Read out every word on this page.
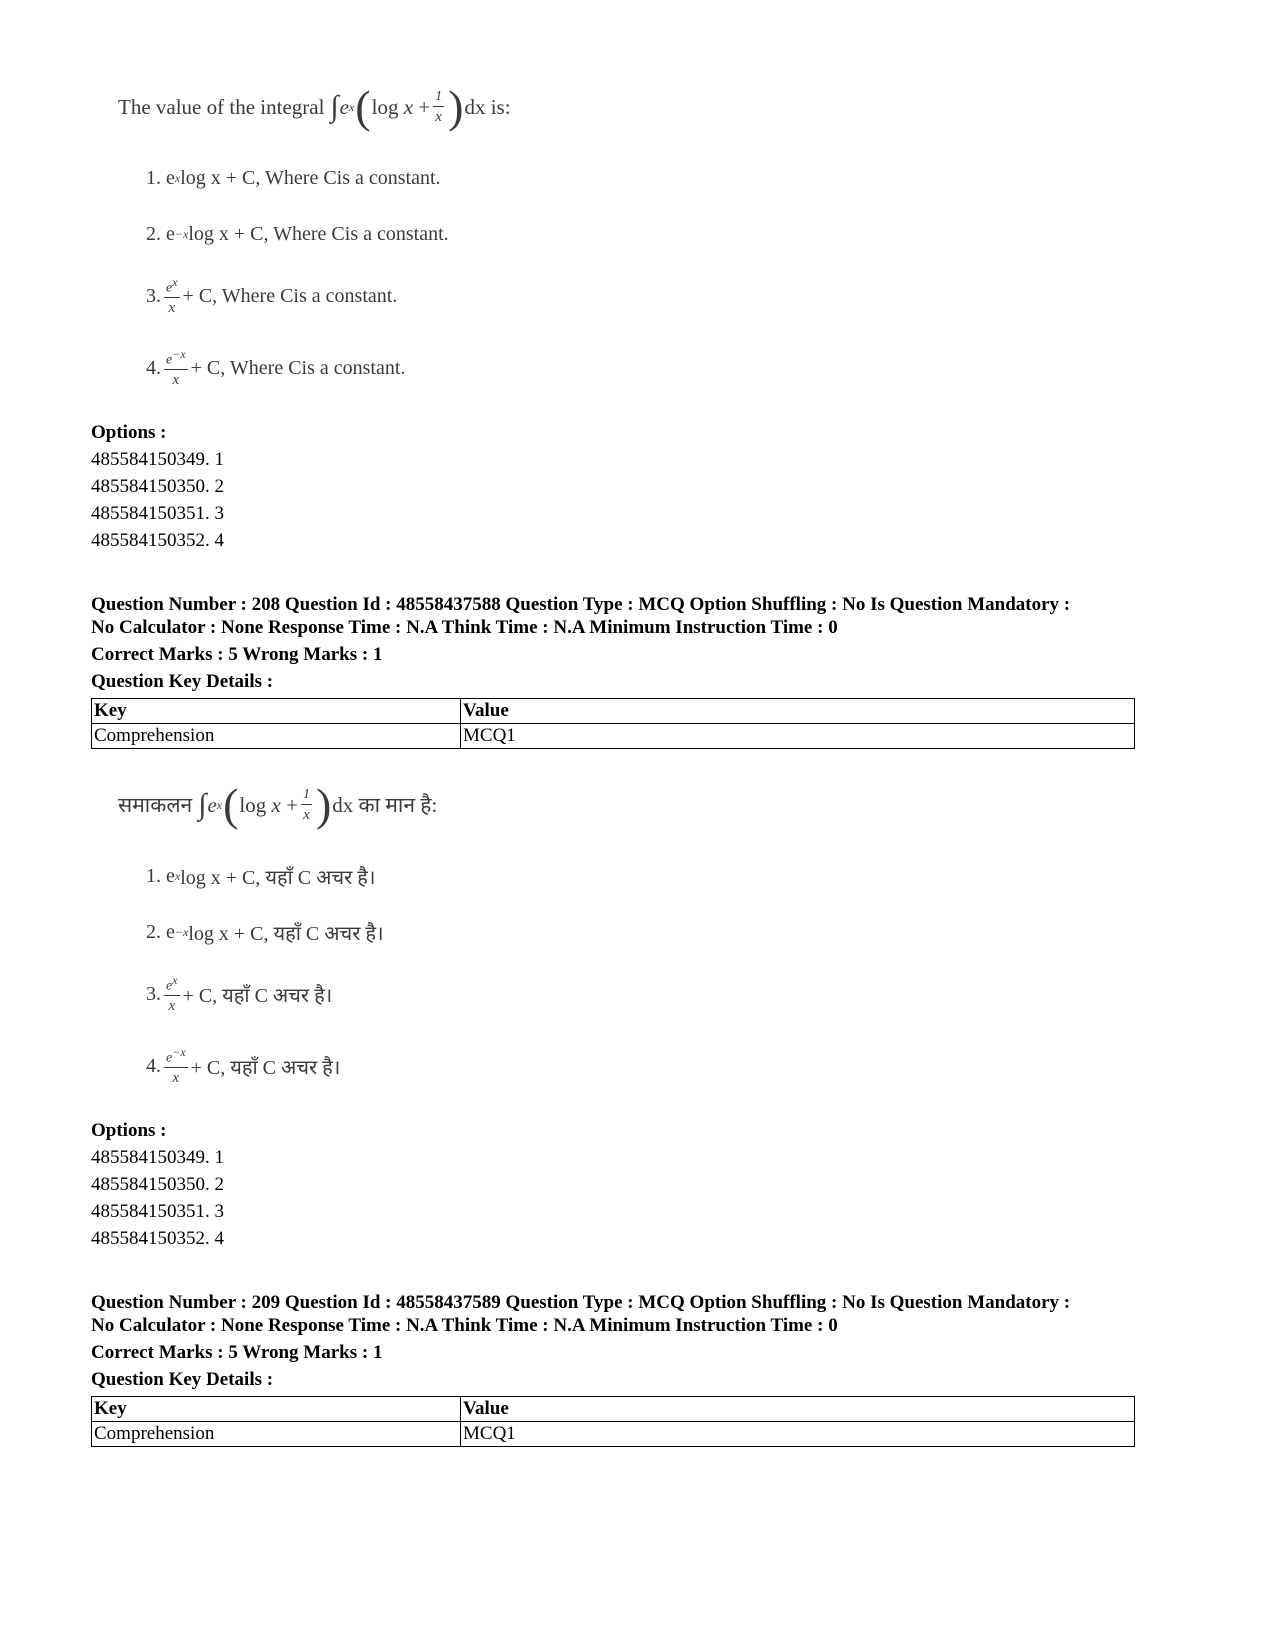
The value of the integral ∫ e x ( $\log x + \frac{1}{x}$ ) dx is:
1.
e x log x + C, Where Cis a constant.
2.
e −x log x + C, Where Cis a constant.
3. $\frac{ex}{x} + C$, Where Cis a constant.
4. $\frac{e-x}{x} + C$, Where Cis a constant.
Options :
485584150349. 1
485584150350. 2
485584150351. 3
485584150352. 4
Question Number : 208 Question Id : 48558437588 Question Type : MCQ Option Shuffling : No Is Question Mandatory :
No Calculator : None Response Time : N.A Think Time : N.A Minimum Instruction Time : 0
Correct Marks : 5 Wrong Marks : 1
Question Key Details :
Key	Value
Comprehension	MCQ1
समाकलन ∫ e x ( $\log x + \frac{1}{x}$ ) dx का मान है:
1.
e x log x + C, यहाँ C अचर है।
2.
e −x log x + C, यहाँ C अचर है।
3. $\frac{ex}{x} + C$, यहाँ C अचर है।
4. $\frac{e-x}{x} + C$, यहाँ C अचर है।
Options :
485584150349. 1
485584150350. 2
485584150351. 3
485584150352. 4
Question Number : 209 Question Id : 48558437589 Question Type : MCQ Option Shuffling : No Is Question Mandatory :
No Calculator : None Response Time : N.A Think Time : N.A Minimum Instruction Time : 0
Correct Marks : 5 Wrong Marks : 1
Question Key Details :
Key	Value
Comprehension	MCQ1
